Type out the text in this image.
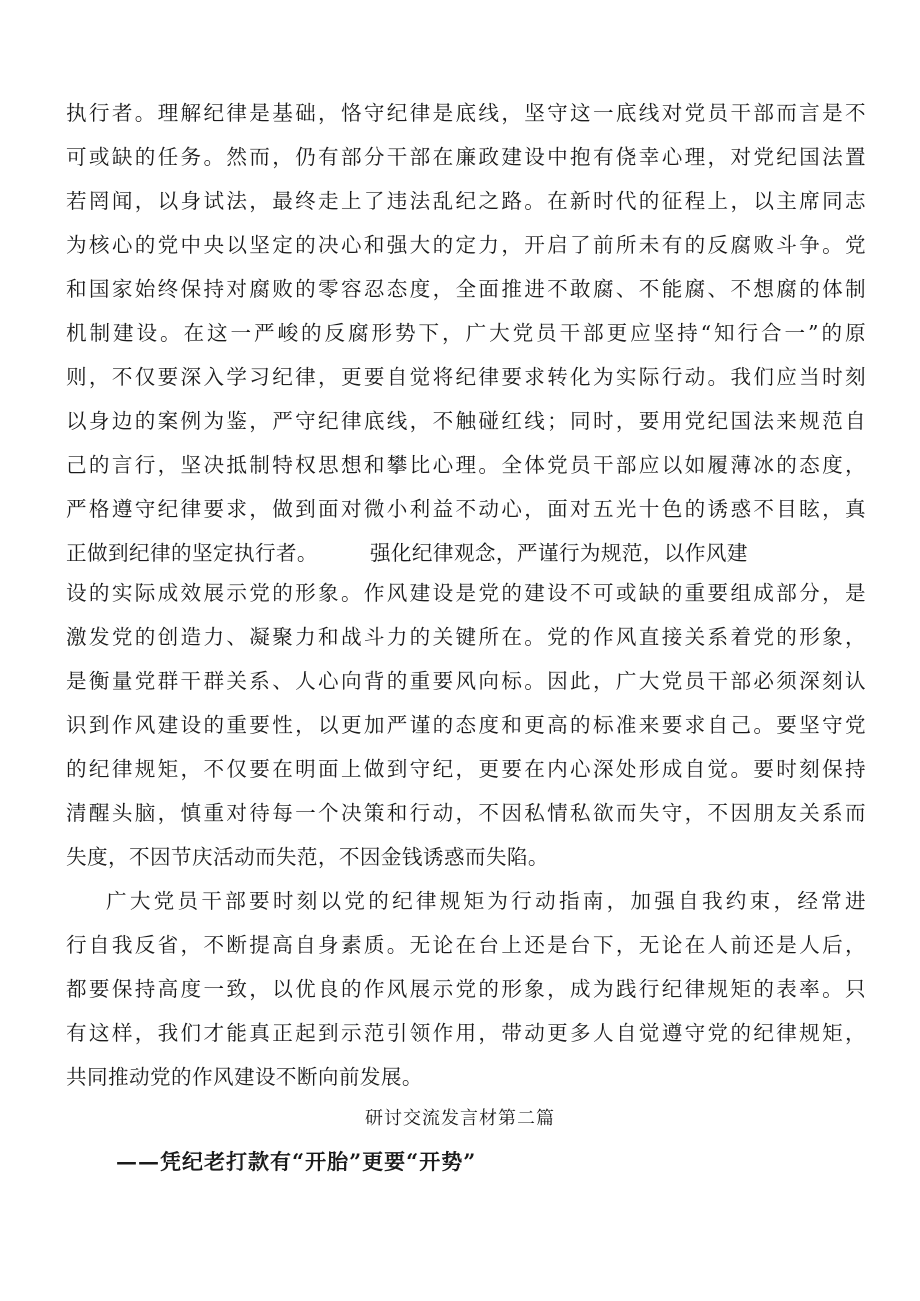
执行者。理解纪律是基础，恪守纪律是底线，坚守这一底线对党员干部而言是不
可或缺的任务。然而，仍有部分干部在廉政建设中抱有侥幸心理，对党纪国法置
若罔闻，以身试法，最终走上了违法乱纪之路。在新时代的征程上，以主席同志
为核心的党中央以坚定的决心和强大的定力，开启了前所未有的反腐败斗争。党
和国家始终保持对腐败的零容忍态度，全面推进不敢腐、不能腐、不想腐的体制
机制建设。在这一严峻的反腐形势下，广大党员干部更应坚持“知行合一”的原
则，不仅要深入学习纪律，更要自觉将纪律要求转化为实际行动。我们应当时刻
以身边的案例为鉴，严守纪律底线，不触碰红线；同时，要用党纪国法来规范自
己的言行，坚决抵制特权思想和攀比心理。全体党员干部应以如履薄冰的态度，
严格遵守纪律要求，做到面对微小利益不动心，面对五光十色的诱惑不目眩，真
正做到纪律的坚定执行者。	强化纪律观念，严谨行为规范，以作风建
设的实际成效展示党的形象。作风建设是党的建设不可或缺的重要组成部分，是
激发党的创造力、凝聚力和战斗力的关键所在。党的作风直接关系着党的形象，
是衡量党群干群关系、人心向背的重要风向标。因此，广大党员干部必须深刻认
识到作风建设的重要性，以更加严谨的态度和更高的标准来要求自己。要坚守党
的纪律规矩，不仅要在明面上做到守纪，更要在内心深处形成自觉。要时刻保持
清醒头脑，慎重对待每一个决策和行动，不因私情私欲而失守，不因朋友关系而
失度，不因节庆活动而失范，不因金钱诱惑而失陷。
广大党员干部要时刻以党的纪律规矩为行动指南，加强自我约束，经常进
行自我反省，不断提高自身素质。无论在台上还是台下，无论在人前还是人后，
都要保持高度一致，以优良的作风展示党的形象，成为践行纪律规矩的表率。只
有这样，我们才能真正起到示范引领作用，带动更多人自觉遵守党的纪律规矩，
共同推动党的作风建设不断向前发展。
研讨交流发言材第二篇
——凭纪老打款有“开胎”更要“开势”
